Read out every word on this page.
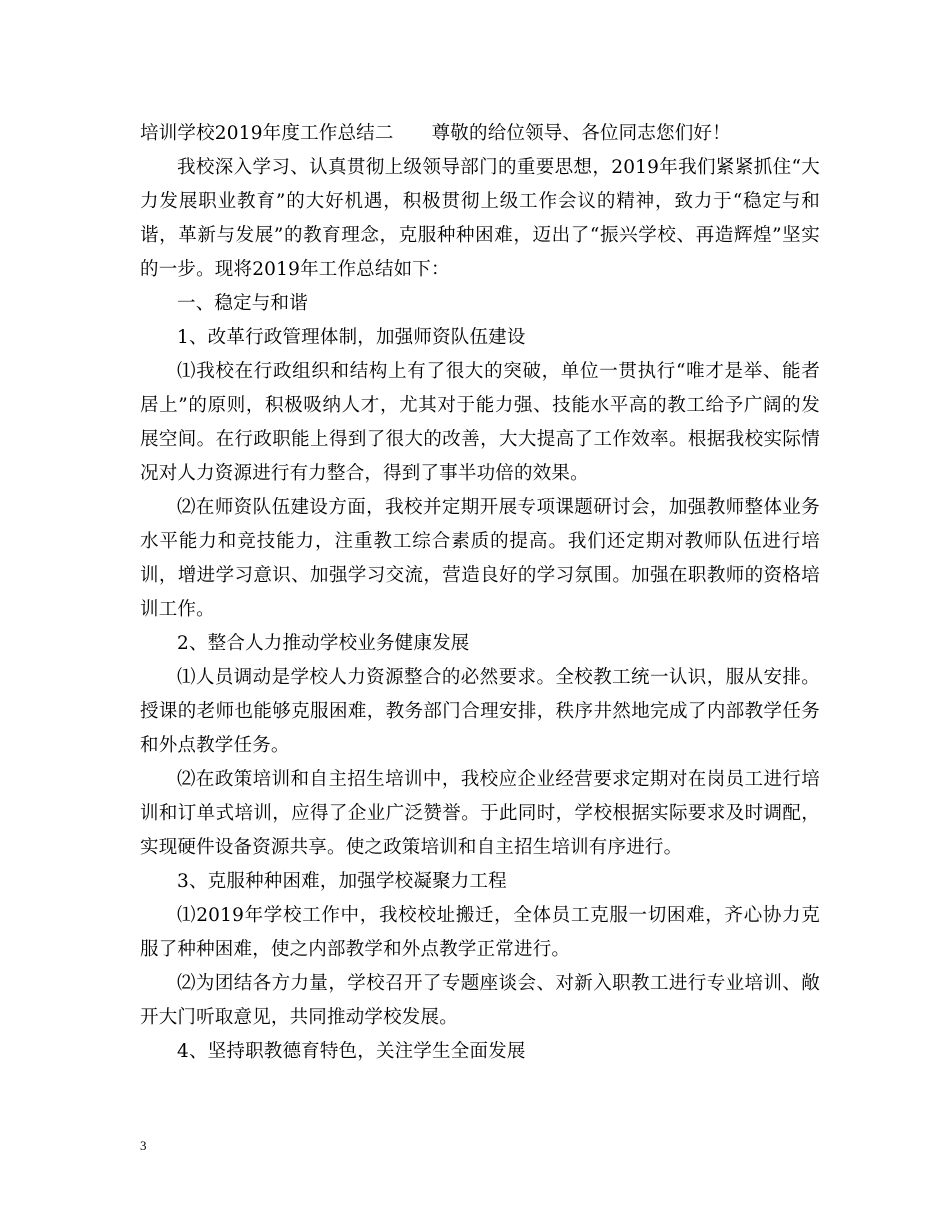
培训学校2019年度工作总结二 尊敬的给位领导、各位同志您们好！
我校深入学习、认真贯彻上级领导部门的重要思想，2019年我们紧紧抓住“大力发展职业教育”的大好机遇，积极贯彻上级工作会议的精神，致力于“稳定与和谐，革新与发展”的教育理念，克服种种困难，迈出了“振兴学校、再造辉煌”坚实的一步。现将2019年工作总结如下：
一、稳定与和谐
1、改革行政管理体制，加强师资队伍建设
⑴我校在行政组织和结构上有了很大的突破，单位一贯执行“唯才是举、能者居上”的原则，积极吸纳人才，尤其对于能力强、技能水平高的教工给予广阔的发展空间。在行政职能上得到了很大的改善，大大提高了工作效率。根据我校实际情况对人力资源进行有力整合，得到了事半功倍的效果。
⑵在师资队伍建设方面，我校并定期开展专项课题研讨会，加强教师整体业务水平能力和竞技能力，注重教工综合素质的提高。我们还定期对教师队伍进行培训，增进学习意识、加强学习交流，营造良好的学习氛围。加强在职教师的资格培训工作。
2、整合人力推动学校业务健康发展
⑴人员调动是学校人力资源整合的必然要求。全校教工统一认识，服从安排。授课的老师也能够克服困难，教务部门合理安排，秩序井然地完成了内部教学任务和外点教学任务。
⑵在政策培训和自主招生培训中，我校应企业经营要求定期对在岗员工进行培训和订单式培训，应得了企业广泛赞誉。于此同时，学校根据实际要求及时调配，实现硬件设备资源共享。使之政策培训和自主招生培训有序进行。
3、克服种种困难，加强学校凝聚力工程
⑴2019年学校工作中，我校校址搬迁，全体员工克服一切困难，齐心协力克服了种种困难，使之内部教学和外点教学正常进行。
⑵为团结各方力量，学校召开了专题座谈会、对新入职教工进行专业培训、敞开大门听取意见，共同推动学校发展。
4、坚持职教德育特色，关注学生全面发展
3
